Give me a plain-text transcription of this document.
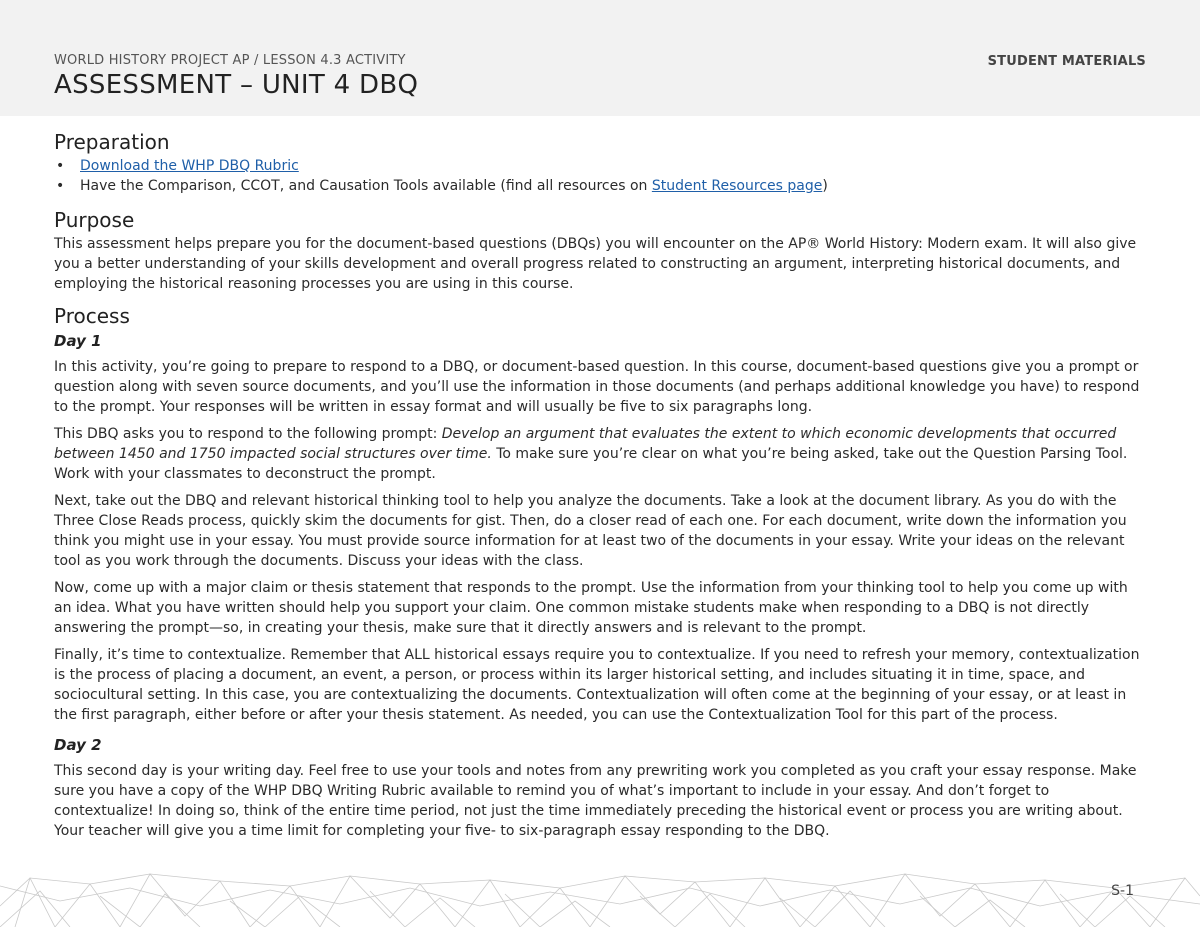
WORLD HISTORY PROJECT AP / LESSON 4.3 ACTIVITY
ASSESSMENT – UNIT 4 DBQ
STUDENT MATERIALS
Preparation
• Download the WHP DBQ Rubric
• Have the Comparison, CCOT, and Causation Tools available (find all resources on Student Resources page)
Purpose

This assessment helps prepare you for the document-based questions (DBQs) you will encounter on the AP® World History: Modern exam. It will also give you a better understanding of your skills development and overall progress related to constructing an argument, interpreting historical documents, and employing the historical reasoning processes you are using in this course.

Process
Day 1

In this activity, you’re going to prepare to respond to a DBQ, or document-based question. In this course, document-based questions give you a prompt or question along with seven source documents, and you’ll use the information in those documents (and perhaps additional knowledge you have) to respond to the prompt. Your responses will be written in essay format and will usually be five to six paragraphs long.

This DBQ asks you to respond to the following prompt: Develop an argument that evaluates the extent to which economic developments that occurred between 1450 and 1750 impacted social structures over time. To make sure you’re clear on what you’re being asked, take out the Question Parsing Tool. Work with your classmates to deconstruct the prompt.

Next, take out the DBQ and relevant historical thinking tool to help you analyze the documents. Take a look at the document library. As you do with the Three Close Reads process, quickly skim the documents for gist. Then, do a closer read of each one. For each document, write down the information you think you might use in your essay. You must provide source information for at least two of the documents in your essay. Write your ideas on the relevant tool as you work through the documents. Discuss your ideas with the class.

Now, come up with a major claim or thesis statement that responds to the prompt. Use the information from your thinking tool to help you come up with an idea. What you have written should help you support your claim. One common mistake students make when responding to a DBQ is not directly answering the prompt—so, in creating your thesis, make sure that it directly answers and is relevant to the prompt.

Finally, it’s time to contextualize. Remember that ALL historical essays require you to contextualize. If you need to refresh your memory, contextualization is the process of placing a document, an event, a person, or process within its larger historical setting, and includes situating it in time, space, and sociocultural setting. In this case, you are contextualizing the documents. Contextualization will often come at the beginning of your essay, or at least in the first paragraph, either before or after your thesis statement. As needed, you can use the Contextualization Tool for this part of the process.

Day 2

This second day is your writing day. Feel free to use your tools and notes from any prewriting work you completed as you craft your essay response. Make sure you have a copy of the WHP DBQ Writing Rubric available to remind you of what’s important to include in your essay. And don’t forget to contextualize! In doing so, think of the entire time period, not just the time immediately preceding the historical event or process you are writing about. Your teacher will give you a time limit for completing your five- to six-paragraph essay responding to the DBQ.

S-1
